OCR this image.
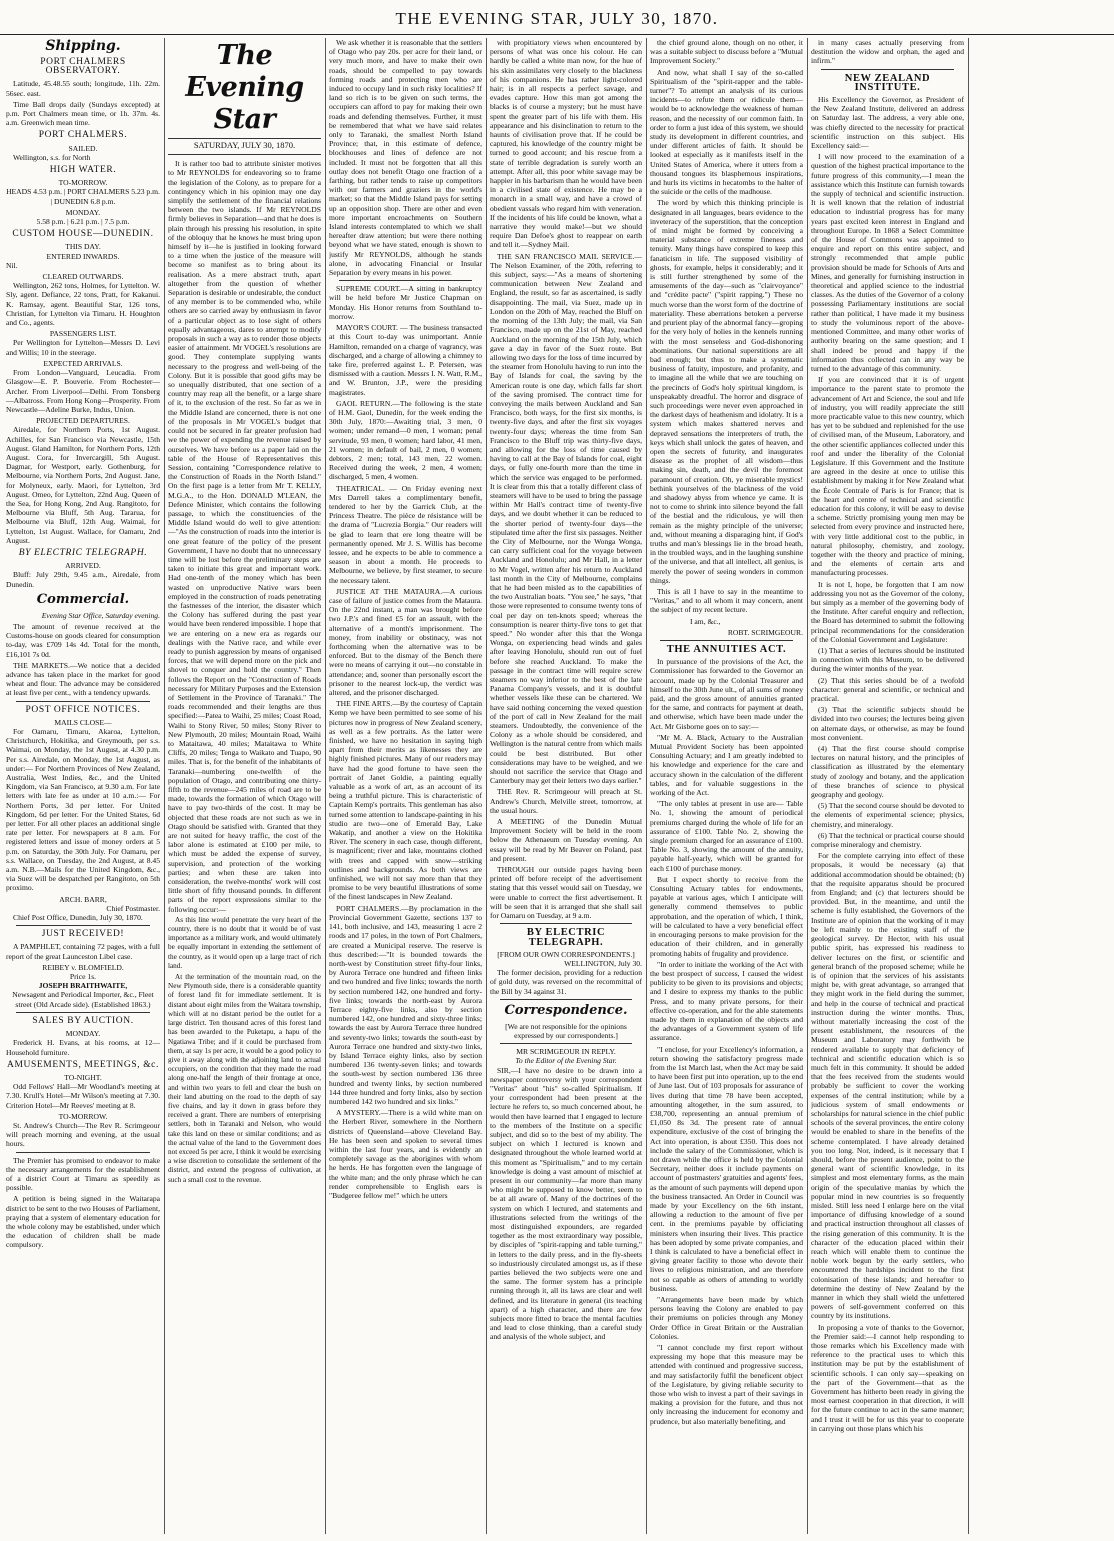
THE EVENING STAR, JULY 30, 1870.
Shipping.
PORT CHALMERS OBSERVATORY.

Latitude, 45.48.55 south; longitude, 11h. 22m. 56sec. east.

Time Ball drops daily (Sundays excepted) at p.m. Port Chalmers mean time, or 1h. 37m. 4s. a.m. Greenwich mean time.

PORT CHALMERS.
SAILED.

Wellington, s.s. for North

HIGH WATER.
TO-MORROW.

HEADS 4.53 p.m. | PORT CHALMERS 5.23 p.m. | DUNEDIN 6.8 p.m.

MONDAY.

5.58 p.m. | 6.21 p.m. | 7.5 p.m.

CUSTOM HOUSE—DUNEDIN.
THIS DAY.
ENTERED INWARDS.

Nil.

CLEARED OUTWARDS.

Wellington, 262 tons, Holmes, for Lyttelton. W. Sly, agent. Defiance, 22 tons, Pratt, for Kakanui. K. Ramsay, agent. Beautiful Star, 126 tons, Christian, for Lyttelton via Timaru. H. Houghton and Co., agents.

PASSENGERS LIST.

Per Wellington for Lyttelton—Messrs D. Levi and Willis; 10 in the steerage.

EXPECTED ARRIVALS.

From London—Vanguard, Leucadia. From Glasgow—E. P. Bouverie. From Rochester—Archer. From Liverpool—Delhi. From Tonsberg—Albatross. From Hong Kong—Prosperity. From Newcastle—Adeline Burke, Indus, Union.

PROJECTED DEPARTURES.

Airedale, for Northern Ports, 1st August. Achilles, for San Francisco via Newcastle, 15th August. Gland Hamilton, for Northern Ports, 12th August. Cora, for Invercargill, 5th August. Dagmar, for Westport, early. Gothenburg, for Melbourne, via Northern Ports, 2nd August. Jane, for Molyneux, early. Maori, for Lyttelton, 3rd August. Omeo, for Lyttelton, 22nd Aug. Queen of the Sea, for Hong Kong, 2nd Aug. Rangitoto, for Melbourne via Bluff, 5th Aug. Tararua, for Melbourne via Bluff, 12th Aug. Waimai, for Lyttelton, 1st August. Wallace, for Oamaru, 2nd August.

BY ELECTRIC TELEGRAPH.
ARRIVED.

Bluff: July 29th, 9.45 a.m., Airedale, from Dunedin.

Commercial.

Evening Star Office, Saturday evening.

The amount of revenue received at the Customs-house on goods cleared for consumption to-day, was £709 14s 4d. Total for the month, £16,101 7s 0d.

THE MARKETS.—We notice that a decided advance has taken place in the market for good wheat and flour. The advance may be considered at least five per cent., with a tendency upwards.

POST OFFICE NOTICES.
MAILS CLOSE—

For Oamaru, Timaru, Akaroa, Lyttelton, Christchurch, Hokitika, and Greymouth, per s.s. Waimai, on Monday, the 1st August, at 4.30 p.m. Per s.s. Airedale, on Monday, the 1st August, as under:— For Northern Provinces of New Zealand, Australia, West Indies, &c., and the United Kingdom, via San Francisco, at 9.30 a.m. For late letters with late fee as under at 10 a.m.:— For Northern Ports, 3d per letter. For United Kingdom, 6d per letter. For the United States, 6d per letter. For all other places an additional single rate per letter. For newspapers at 8 a.m. For registered letters and issue of money orders at 5 p.m. on Saturday, the 30th July. For Oamaru, per s.s. Wallace, on Tuesday, the 2nd August, at 8.45 a.m. N.B.—Mails for the United Kingdom, &c., via Suez will be despatched per Rangitoto, on 5th proximo.

ARCH. BARR,
Chief Postmaster.

Chief Post Office, Dunedin, July 30, 1870.

JUST RECEIVED!

A PAMPHLET, containing 72 pages, with a full report of the great Launceston Libel case.

REIBEY v. BLOMFIELD.
Price 1s.
JOSEPH BRAITHWAITE,

Newsagent and Periodical Importer, &c., Fleet street (Old Arcade side). (Established 1863.)

SALES BY AUCTION.
MONDAY.

Frederick H. Evans, at his rooms, at 12—Household furniture.

AMUSEMENTS, MEETINGS, &c.
TO-NIGHT.

Odd Fellows' Hall—Mr Woodland's meeting at 7.30. Krull's Hotel—Mr Wilson's meeting at 7.30. Criterion Hotel—Mr Reeves' meeting at 8.

TO-MORROW.

St. Andrew's Church—The Rev R. Scrimgeour will preach morning and evening, at the usual hours.

The Premier has promised to endeavor to make the necessary arrangements for the establishment of a district Court at Timaru as speedily as possible.

A petition is being signed in the Waitarapa district to be sent to the two Houses of Parliament, praying that a system of elementary education for the whole colony may be established, under which the education of children shall be made compulsory.

The Evening Star
SATURDAY, JULY 30, 1870.

It is rather too bad to attribute sinister motives to Mr REYNOLDS for endeavoring so to frame the legislation of the Colony, as to prepare for a contingency which in his opinion may one day simplify the settlement of the financial relations between the two islands. If Mr REYNOLDS firmly believes in Separation—and that he does is plain through his pressing his resolution, in spite of the obloquy that he knows he must bring upon himself by it—he is justified in looking forward to a time when the justice of the measure will become so manifest as to bring about its realisation. As a mere abstract truth, apart altogether from the question of whether Separation is desirable or undesirable, the conduct of any member is to be commended who, while others are so carried away by enthusiasm in favor of a particular object as to lose sight of others equally advantageous, dares to attempt to modify proposals in such a way as to render those objects easier of attainment. Mr VOGEL's resolutions are good. They contemplate supplying wants necessary to the progress and well-being of the Colony. But it is possible that good gifts may be so unequally distributed, that one section of a country may reap all the benefit, or a large share of it, to the exclusion of the rest. So far as we in the Middle Island are concerned, there is not one of the proposals in Mr VOGEL's budget that could not be secured in far greater profusion had we the power of expending the revenue raised by ourselves. We have before us a paper laid on the table of the House of Representatives this Session, containing "Correspondence relative to the Construction of Roads in the North Island." On the first page is a letter from Mr T. KELLY, M.G.A., to the Hon. DONALD M'LEAN, the Defence Minister, which contains the following passage, to which the constituencies of the Middle Island would do well to give attention:—"As the construction of roads into the interior is one great feature of the policy of the present Government, I have no doubt that no unnecessary time will be lost before the preliminary steps are taken to initiate this great and important work. Had one-tenth of the money which has been wasted on unproductive Native wars been employed in the construction of roads penetrating the fastnesses of the interior, the disaster which the Colony has suffered during the past year would have been rendered impossible. I hope that we are entering on a new era as regards our dealings with the Native race, and while ever ready to punish aggression by means of organised forces, that we will depend more on the pick and shovel to conquer and hold the country." Then follows the Report on the "Construction of Roads necessary for Military Purposes and the Extension of Settlement in the Province of Taranaki." The roads recommended and their lengths are thus specified:—Patea to Waihi, 25 miles; Coast Road, Waihi to Stony River, 50 miles; Stony River to New Plymouth, 20 miles; Mountain Road, Waihi to Mataitawa, 40 miles; Mataitawa to White Cliffs, 20 miles; Tenga to Waikato and Tuapo, 90 miles. That is, for the benefit of the inhabitants of Taranaki—numbering one-twelfth of the population of Otago, and contributing one thirty-fifth to the revenue—245 miles of road are to be made, towards the formation of which Otago will have to pay two-thirds of the cost. It may be objected that these roads are not such as we in Otago should be satisfied with. Granted that they are not suited for heavy traffic, the cost of the labor alone is estimated at £100 per mile, to which must be added the expense of survey, supervision, and protection of the working parties; and when these are taken into consideration, the twelve-months' work will cost little short of fifty thousand pounds. In different parts of the report expressions similar to the following occur:—

As this line would penetrate the very heart of the country, there is no doubt that it would be of vast importance as a military work, and would ultimately be equally important in extending the settlement of the country, as it would open up a large tract of rich land.

At the termination of the mountain road, on the New Plymouth side, there is a considerable quantity of forest land fit for immediate settlement. It is distant about eight miles from the Waitara township, which will at no distant period be the outlet for a large district. Ten thousand acres of this forest land has been awarded to the Puketapu, a hapu of the Ngatiawa Tribe; and if it could be purchased from them, at say 1s per acre, it would be a good policy to give it away along with the adjoining land to actual occupiers, on the condition that they made the road along one-half the length of their frontage at once, and within two years to fell and clear the bush on their land abutting on the road to the depth of say five chains, and lay it down in grass before they received a grant. There are numbers of enterprising settlers, both in Taranaki and Nelson, who would take this land on these or similar conditions; and as the actual value of the land to the Government does not exceed 5s per acre, I think it would be exercising a wise discretion to consolidate the settlement of the district, and extend the progress of cultivation, at such a small cost to the revenue.

We ask whether it is reasonable that the settlers of Otago who pay 20s. per acre for their land, or very much more, and have to make their own roads, should be compelled to pay towards forming roads and protecting men who are induced to occupy land in such risky localities? If land so rich is to be given on such terms, the occupiers can afford to pay for making their own roads and defending themselves. Further, it must be remembered that what we have said relates only to Taranaki, the smallest North Island Province; that, in this estimate of defence, blockhouses and lines of defence are not included. It must not be forgotten that all this outlay does not benefit Otago one fraction of a farthing, but rather tends to raise up competitors with our farmers and graziers in the world's market; so that the Middle Island pays for setting up an opposition shop. There are other and even more important encroachments on Southern Island interests contemplated to which we shall hereafter draw attention; but were there nothing beyond what we have stated, enough is shown to justify Mr REYNOLDS, although he stands alone, in advocating Financial or Insular Separation by every means in his power.

SUPREME COURT.—A sitting in bankruptcy will be held before Mr Justice Chapman on Monday. His Honor returns from Southland to-morrow.

MAYOR'S COURT. — The business transacted at this Court to-day was unimportant. Annie Hamilton, remanded on a charge of vagrancy, was discharged, and a charge of allowing a chimney to take fire, preferred against L. P. Petersen, was dismissed with a caution. Messrs I. N. Watt, R.M., and W. Brunton, J.P., were the presiding magistrates.

GAOL RETURN.—The following is the state of H.M. Gaol, Dunedin, for the week ending the 30th July, 1870:—Awaiting trial, 3 men, 0 women; under remand—0 men, 1 woman; penal servitude, 93 men, 0 women; hard labor, 41 men, 21 women; in default of bail, 2 men, 0 women; debtors, 2 men; total, 143 men, 22 women. Received during the week, 2 men, 4 women; discharged, 5 men, 4 women.

THEATRICAL. — On Friday evening next Mrs Darrell takes a complimentary benefit, tendered to her by the Garrick Club, at the Princess Theatre. The pièce de résistance will be the drama of "Lucrezia Borgia." Our readers will be glad to learn that ere long theatre will be permanently opened. Mr J. S. Willis has become lessee, and he expects to be able to commence a season in about a month. He proceeds to Melbourne, we believe, by first steamer, to secure the necessary talent.

JUSTICE AT THE MATAURA.—A curious case of failure of justice comes from the Mataura. On the 22nd instant, a man was brought before two J.P.'s and fined £5 for an assault, with the alternative of a month's imprisonment. The money, from inability or obstinacy, was not forthcoming when the alternative was to be enforced. But to the dismay of the Bench there were no means of carrying it out—no constable in attendance; and, sooner than personally escort the prisoner to the nearest lock-up, the verdict was altered, and the prisoner discharged.

THE FINE ARTS.—By the courtesy of Captain Kemp we have been permitted to see some of his pictures now in progress of New Zealand scenery, as well as a few portraits. As the latter were finished, we have no hesitation in saying high apart from their merits as likenesses they are highly finished pictures. Many of our readers may have had the good fortune to have seen the portrait of Janet Goldie, a painting equally valuable as a work of art, as an account of its being a truthful picture. This is characteristic of Captain Kemp's portraits. This gentleman has also turned some attention to landscape-painting in his studio are two—one of Emerald Bay, Lake Wakatip, and another a view on the Hokitika River. The scenery in each case, though different, is magnificent; river and lake, mountains clothed with trees and capped with snow—striking outlines and backgrounds. As both views are unfinished, we will not say more than that they promise to be very beautiful illustrations of some of the finest landscapes in New Zealand.

PORT CHALMERS.—By proclamation in the Provincial Government Gazette, sections 137 to 141, both inclusive, and 143, measuring 1 acre 2 roods and 17 poles, in the town of Port Chalmers, are created a Municipal reserve. The reserve is thus described:—"It is bounded towards the north-west by Constitution street fifty-four links, by Aurora Terrace one hundred and fifteen links and two hundred and five links; towards the north by section numbered 142, one hundred and forty-five links; towards the north-east by Aurora Terrace eighty-five links, also by section numbered 142, one hundred and sixty-three links; towards the east by Aurora Terrace three hundred and seventy-two links; towards the south-east by Aurora Terrace one hundred and sixty-two links, by Island Terrace eighty links, also by section numbered 136 twenty-seven links; and towards the south-west by section numbered 136 three hundred and twenty links, by section numbered 144 three hundred and forty links, also by section numbered 142 two hundred and six links."

A MYSTERY.—There is a wild white man on the Herbert River, somewhere in the Northern districts of Queensland—above Cleveland Bay. He has been seen and spoken to several times within the last four years, and is evidently an completely savage as the aborigines with whom he herds. He has forgotten even the language of the white man; and the only phrase which he can render comprehensible to English ears is "Budgeree fellow me!" which he utters

with propitiatory views when encountered by persons of what was once his colour. He can hardly be called a white man now, for the hue of his skin assimilates very closely to the blackness of his companions. He has rather light-colored hair; is in all respects a perfect savage, and evades capture. How this man got among the blacks is of course a mystery; but he must have spent the greater part of his life with them. His appearance and his disinclination to return to the haunts of civilisation prove that. If he could be captured, his knowledge of the country might be turned to good account; and his rescue from a state of terrible degradation is surely worth an attempt. After all, this poor white savage may be happier in his barbarism than he would have been in a civilised state of existence. He may be a monarch in a small way, and have a crowd of obedient vassals who regard him with veneration. If the incidents of his life could be known, what a narrative they would make!—but we should require Dan Defoe's ghost to reappear on earth and tell it.—Sydney Mail.

THE SAN FRANCISCO MAIL SERVICE.—The Nelson Examiner, of the 20th, referring to this subject, says:—"As a means of shortening communication between New Zealand and England, the result, so far as ascertained, is sadly disappointing. The mail, via Suez, made up in London on the 20th of May, reached the Bluff on the morning of the 13th July; the mail, via San Francisco, made up on the 21st of May, reached Auckland on the morning of the 15th July, which gave a day in favor of the Suez route. But allowing two days for the loss of time incurred by the steamer from Honolulu having to run into the Bay of Islands for coal, the saving by the American route is one day, which falls far short of the saving promised. The contract time for conveying the mails between Auckland and San Francisco, both ways, for the first six months, is twenty-five days, and after the first six voyages twenty-four days; whereas the time from San Francisco to the Bluff trip was thirty-five days, and allowing for the loss of time caused by having to call at the Bay of Islands for coal, eight days, or fully one-fourth more than the time in which the service was engaged to be performed. It is clear from this that a totally different class of steamers will have to be used to bring the passage within Mr Hall's contract time of twenty-five days, and we doubt whether it can be reduced to the shorter period of twenty-four days—the stipulated time after the first six passages. Neither the City of Melbourne, nor the Wonga Wonga, can carry sufficient coal for the voyage between Auckland and Honolulu; and Mr Hall, in a letter to Mr Vogel, written after his return to Auckland last month in the City of Melbourne, complains that he had been misled as to the capabilities of the two Australian boats. "You see," he says, "that those were represented to consume twenty tons of coal per day on ten-knots speed; whereas the consumption is nearer thirty-five tons to get that speed." No wonder after this that the Wonga Wonga, on experiencing head winds and gales after leaving Honolulu, should run out of fuel before she reached Auckland. To make the passage in the contract time will require screw steamers no way inferior to the best of the late Panama Company's vessels, and it is doubtful whether vessels like these can be chartered. We have said nothing concerning the vexed question of the port of call in New Zealand for the mail steamers. Undoubtedly, the convenience of the Colony as a whole should be considered, and Wellington is the natural centre from which mails could be best distributed. But other considerations may have to be weighed, and we should not sacrifice the service that Otago and Canterbury may get their letters two days earlier."

THE Rev. R. Scrimgeour will preach at St. Andrew's Church, Melville street, tomorrow, at the usual hours.

A MEETING of the Dunedin Mutual Improvement Society will be held in the room below the Athenaeum on Tuesday evening. An essay will be read by Mr Beaver on Poland, past and present.

THROUGH our outside pages having been printed off before receipt of the advertisement stating that this vessel would sail on Tuesday, we were unable to correct the first advertisement. It will be seen that it is arranged that she shall sail for Oamaru on Tuesday, at 9 a.m.

BY ELECTRIC TELEGRAPH.
[FROM OUR OWN CORRESPONDENTS.]
WELLINGTON, July 30.

The former decision, providing for a reduction of gold duty, was reversed on the recommittal of the Bill by 34 against 31.

Correspondence.

[We are not responsible for the opinions expressed by our correspondents.]

MR SCRIMGEOUR IN REPLY.
To the Editor of the Evening Star.

SIR,—I have no desire to be drawn into a newspaper controversy with your correspondent "Veritas" about "his" so-called Spiritualism. If your correspondent had been present at the lecture he refers to, so much concerned about, he would then have learned that I engaged to lecture to the members of the Institute on a specific subject, and did so to the best of my ability. The subject on which I lectured is known and designated throughout the whole learned world at this moment as "Spiritualism," and to my certain knowledge is doing a vast amount of mischief at present in our community—far more than many who might be supposed to know better, seem to be at all aware of. Many of the doctrines of the system on which I lectured, and statements and illustrations selected from the writings of the most distinguished expounders, are regarded together as the most extraordinary way possible, by disciples of "spirit-rapping and table turning," in letters to the daily press, and in the fly-sheets so industriously circulated amongst us, as if these parties believed the two subjects were one and the same. The former system has a principle running through it, all its laws are clear and well defined, and its literature in general (its teaching apart) of a high character, and there are few subjects more fitted to brace the mental faculties and lead to close thinking, than a careful study and analysis of the whole subject, and

the chief ground alone, though on no other, it was a suitable subject to discuss before a "Mutual Improvement Society."

And now, what shall I say of the so-called Spiritualism of the "spirit-rapper and the table-turner"? To attempt an analysis of its curious incidents—to refute them or ridicule them—would be to acknowledge the weakness of human reason, and the necessity of our common faith. In order to form a just idea of this system, we should study its development in different countries, and under different articles of faith. It should be looked at especially as it manifests itself in the United States of America, where it utters from a thousand tongues its blasphemous inspirations, and hurls its victims in hecatombs to the halter of the suicide or the cells of the madhouse.

The word by which this thinking principle is designated in all languages, bears evidence to the inveteracy of the superstition, that the conception of mind might be formed by conceiving a material substance of extreme fineness and tenuity. Many things have conspired to keep this fanaticism in life. The supposed visibility of ghosts, for example, helps it considerably; and it is still further strengthened by some of the amusements of the day—such as "clairvoyance" and "crédite pacte" ("spirit rapping.") These no much worse than the worst form of the doctrine of materiality. These aberrations betoken a perverse and prurient play of the abnormal fancy—groping for the very holy of holies in the kennels running with the most senseless and God-dishonoring abominations. Our national superstitions are all bad enough; but thus to make a systematic business of fatuity, imposture, and profanity, and to imagine all the while that we are touching on the precincts of God's holy spiritual kingdom, is unspeakably dreadful. The horror and disgrace of such proceedings were never even approached in the darkest days of heathenism and idolatry. It is a system which makes shattered nerves and depraved sensations the interpreters of truth, the keys which shall unlock the gates of heaven, and open the secrets of futurity, and inaugurates disease as the prophet of all wisdom—thus making sin, death, and the devil the foremost paramount of creation. Oh, ye miserable mystics! bethink yourselves of the blackness of the void and shadowy abyss from whence ye came. It is not to come to shrink into silence beyond the fall of the bestial and the ridiculous, ye will then remain as the mighty principle of the universe; and, without meaning a disparaging hint, if God's truths and man's blessings lie in the broad heath, in the troubled ways, and in the laughing sunshine of the universe, and that all intellect, all genius, is merely the power of seeing wonders in common things.

This is all I have to say in the meantime to "Veritas," and to all whom it may concern, anent the subject of my recent lecture.

I am, &c.,

ROBT. SCRIMGEOUR.
THE ANNUITIES ACT.

In pursuance of the provisions of the Act, the Commissioner has forwarded to the Governor an account, made up by the Colonial Treasurer and himself to the 30th June ult., of all sums of money paid, and the gross amount of annuities granted for the same, and contracts for payment at death, and otherwise, which have been made under the Act. Mr Gisborne goes on to say:—

"Mr M. A. Black, Actuary to the Australian Mutual Provident Society has been appointed Consulting Actuary; and I am greatly indebted to his knowledge and experience for the care and accuracy shown in the calculation of the different tables, and for valuable suggestions in the working of the Act.

"The only tables at present in use are— Table No. 1, showing the amount of periodical premiums charged during the whole of life for an assurance of £100. Table No. 2, showing the single premium charged for an assurance of £100. Table No. 3, showing the amount of the annuity, payable half-yearly, which will be granted for each £100 of purchase money.

But I expect shortly to receive from the Consulting Actuary tables for endowments, payable at various ages, which I anticipate will generally commend themselves to public approbation, and the operation of which, I think, will be calculated to have a very beneficial effect in encouraging persons to make provision for the education of their children, and in generally promoting habits of frugality and providence.

"In order to initiate the working of the Act with the best prospect of success, I caused the widest publicity to be given to its provisions and objects; and I desire to express my thanks to the public Press, and to many private persons, for their effective co-operation, and for the able statements made by them in explanation of the objects and the advantages of a Government system of life assurance.

"I enclose, for your Excellency's information, a return showing the satisfactory progress made from the 1st March last, when the Act may be said to have been first put into operation, up to the end of June last. Out of 103 proposals for assurance of lives during that time 78 have been accepted, amounting altogether, in the sum assured, to £38,700, representing an annual premium of £1,050 8s 3d. The present rate of annual expenditure, exclusive of the cost of bringing the Act into operation, is about £350. This does not include the salary of the Commissioner, which is not drawn while the office is held by the Colonial Secretary, neither does it include payments on account of postmasters' gratuities and agents' fees, as the amount of such payments will depend upon the business transacted. An Order in Council was made by your Excellency on the 6th instant, allowing a reduction to the amount of five per cent. in the premiums payable by officiating ministers when insuring their lives. This practice has been adopted by some private companies, and I think is calculated to have a beneficial effect in giving greater facility to those who devote their lives to religious ministration, and are therefore not so capable as others of attending to worldly business.

"Arrangements have been made by which persons leaving the Colony are enabled to pay their premiums on policies through any Money Order Office in Great Britain or the Australian Colonies.

"I cannot conclude my first report without expressing my hope that this measure may be attended with continued and progressive success, and may satisfactorily fulfil the beneficent object of the Legislature, by giving reliable security to those who wish to invest a part of their savings in making a provision for the future, and thus not only increasing the inducement for economy and prudence, but also materially benefiting, and

in many cases actually preserving from destitution the widow and orphan, the aged and infirm."

NEW ZEALAND INSTITUTE.

His Excellency the Governor, as President of the New Zealand Institute, delivered an address on Saturday last. The address, a very able one, was chiefly directed to the necessity for practical scientific instruction on this subject. His Excellency said:—

I will now proceed to the examination of a question of the highest practical importance to the future progress of this community,—I mean the assistance which this Institute can furnish towards the supply of technical and scientific instruction. It is well known that the relation of industrial education to industrial progress has for many years past excited keen interest in England and throughout Europe. In 1868 a Select Committee of the House of Commons was appointed to enquire and report on this entire subject, and strongly recommended that ample public provision should be made for Schools of Arts and Mines, and generally for furnishing instruction in theoretical and applied science to the industrial classes. As the duties of the Governor of a colony possessing Parliamentary institutions are social rather than political, I have made it my business to study the voluminous report of the above-mentioned Committee, and many other works of authority bearing on the same question; and I shall indeed be proud and happy if the information thus collected can in any way be turned to the advantage of this community.

If you are convinced that it is of urgent importance to the parent state to promote the advancement of Art and Science, the soul and life of industry, you will readily appreciate the still more practicable value to this new country, which has yet to be subdued and replenished for the use of civilised man, of the Museum, Laboratory, and the other scientific appliances collected under this roof and under the liberality of the Colonial Legislature. If this Government and the Institute are agreed in the desire at once to utilise this establishment by making it for New Zealand what the École Centrale of Paris is for France; that is the heart and centre of technical and scientific education for this colony, it will be easy to devise a scheme. Strictly promising young men may be selected from every province and instructed here, with very little additional cost to the public, in natural philosophy, chemistry, and zoology, together with the theory and practice of mining, and the elements of certain arts and manufacturing processes.

It is not I, hope, be forgotten that I am now addressing you not as the Governor of the colony, but simply as a member of the governing body of the Institute. After careful enquiry and reflection, the Board has determined to submit the following principal recommendations for the consideration of the Colonial Government and Legislature:

(1) That a series of lectures should be instituted in connection with this Museum, to be delivered during the winter months of the year.

(2) That this series should be of a twofold character: general and scientific, or technical and practical.

(3) That the scientific subjects should be divided into two courses; the lectures being given on alternate days, or otherwise, as may be found most convenient.

(4) That the first course should comprise lectures on natural history, and the principles of classification as illustrated by the elementary study of zoology and botany, and the application of these branches of science to physical geography and geology.

(5) That the second course should be devoted to the elements of experimental science; physics, chemistry, and mineralogy.

(6) That the technical or practical course should comprise mineralogy and chemistry.

For the complete carrying into effect of these proposals, it would be necessary (a) that additional accommodation should be obtained; (b) that the requisite apparatus should be procured from England; and (c) that lecturers should be provided. But, in the meantime, and until the scheme is fully established, the Governors of the Institute are of opinion that the working of it may be left mainly to the existing staff of the geological survey. Dr Hector, with his usual public spirit, has expressed his readiness to deliver lectures on the first, or scientific and general branch of the proposed scheme; while he is of opinion that the services of his assistants might be, with great advantage, so arranged that they might work in the field during the summer, and help in the course of technical and practical instruction during the winter months. Thus, without materially increasing the cost of the present establishment, the resources of the Museum and Laboratory may forthwith be rendered available to supply that deficiency of technical and scientific education which is so much felt in this community. It should be added that the fees received from the students would probably be sufficient to cover the working expenses of the central institution; while by a judicious system of small endowments or scholarships for natural science in the chief public schools of the several provinces, the entire colony would be enabled to share in the benefits of the scheme contemplated. I have already detained you too long. Nor, indeed, is it necessary that I should, before the present audience, point to the general want of scientific knowledge, in its simplest and most elementary forms, as the main origin of the speculative manias by which the popular mind in new countries is so frequently misled. Still less need I enlarge here on the vital importance of diffusing knowledge of a sound and practical instruction throughout all classes of the rising generation of this community. It is the character of the education placed within their reach which will enable them to continue the noble work begun by the early settlers, who encountered the hardships incident to the first colonisation of these islands; and hereafter to determine the destiny of New Zealand by the manner in which they shall wield the unfettered powers of self-government conferred on this country by its institutions.

In proposing a vote of thanks to the Governor, the Premier said:—I cannot help responding to those remarks which his Excellency made with reference to the practical uses to which this institution may be put by the establishment of scientific schools. I can only say—speaking on the part of the Government—that as the Government has hitherto been ready in giving the most earnest cooperation in that direction, it will for the future continue to act in the same manner; and I trust it will be for us this year to cooperate in carrying out those plans which his
